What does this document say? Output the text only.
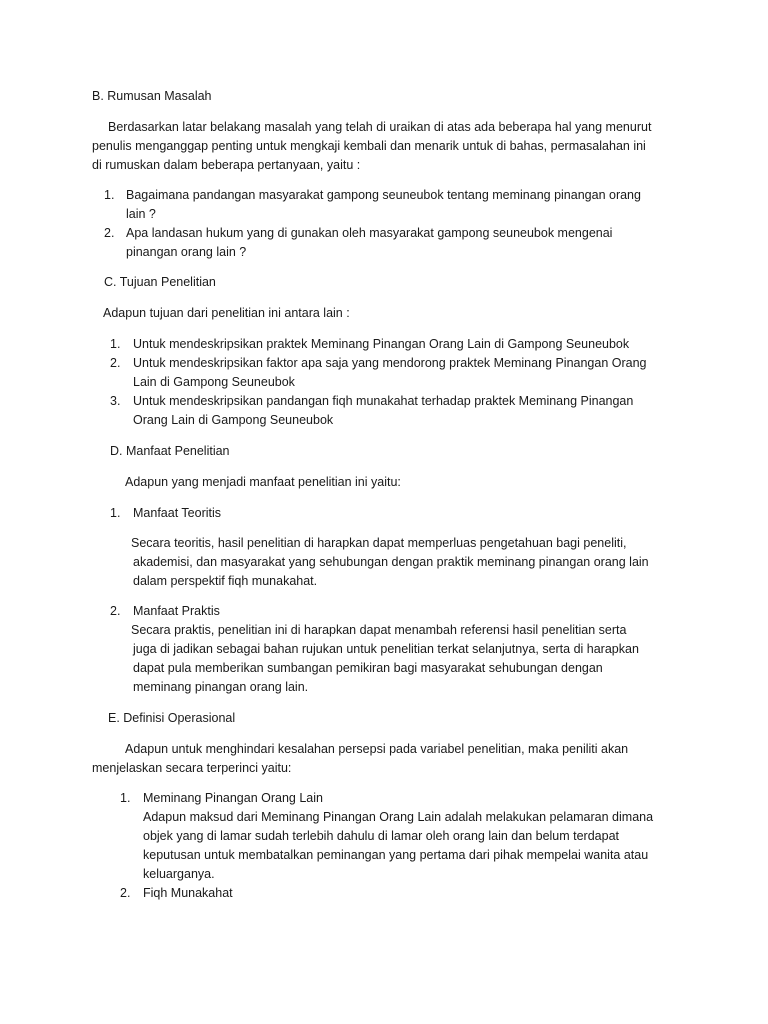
B. Rumusan Masalah
Berdasarkan latar belakang masalah yang telah di uraikan di atas ada beberapa hal yang menurut
penulis menganggap penting untuk mengkaji kembali dan menarik untuk di bahas, permasalahan ini
di rumuskan dalam beberapa pertanyaan, yaitu :
1. Bagaimana pandangan masyarakat gampong seuneubok tentang meminang pinangan orang
lain ?
2. Apa landasan hukum yang di gunakan oleh masyarakat gampong seuneubok mengenai
pinangan orang lain ?
C. Tujuan Penelitian
Adapun tujuan dari penelitian ini antara lain :
1. Untuk mendeskripsikan praktek Meminang Pinangan Orang Lain di Gampong Seuneubok
2. Untuk mendeskripsikan faktor apa saja yang mendorong praktek Meminang Pinangan Orang
Lain di Gampong Seuneubok
3. Untuk mendeskripsikan pandangan fiqh munakahat terhadap praktek Meminang Pinangan
Orang Lain di Gampong Seuneubok
D. Manfaat Penelitian
Adapun yang menjadi manfaat penelitian ini yaitu:
1. Manfaat Teoritis
Secara teoritis, hasil penelitian di harapkan dapat memperluas pengetahuan bagi peneliti,
akademisi, dan masyarakat yang sehubungan dengan praktik meminang pinangan orang lain
dalam perspektif fiqh munakahat.
2. Manfaat Praktis
Secara praktis, penelitian ini di harapkan dapat menambah referensi hasil penelitian serta
juga di jadikan sebagai bahan rujukan untuk penelitian terkat selanjutnya, serta di harapkan
dapat pula memberikan sumbangan pemikiran bagi masyarakat sehubungan dengan
meminang pinangan orang lain.
E. Definisi Operasional
Adapun untuk menghindari kesalahan persepsi pada variabel penelitian, maka peniliti akan
menjelaskan secara terperinci yaitu:
1. Meminang Pinangan Orang Lain
Adapun maksud dari Meminang Pinangan Orang Lain adalah melakukan pelamaran dimana
objek yang di lamar sudah terlebih dahulu di lamar oleh orang lain dan belum terdapat
keputusan untuk membatalkan peminangan yang pertama dari pihak mempelai wanita atau
keluarganya.
2. Fiqh Munakahat
